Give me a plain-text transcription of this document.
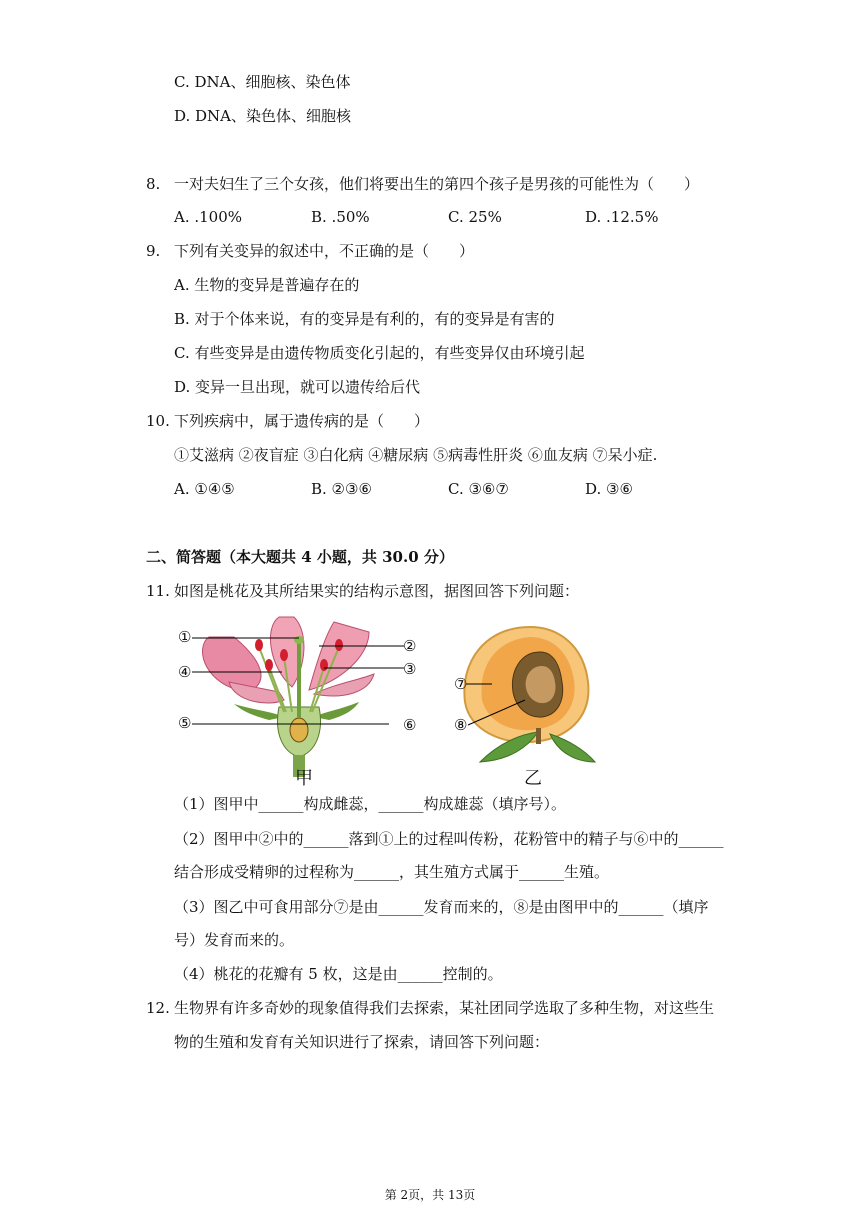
C. DNA、细胞核、染色体
D. DNA、染色体、细胞核
8. 一对夫妇生了三个女孩，他们将要出生的第四个孩子是男孩的可能性为（　　）
A. .100%	B. .50%	C. 25%	D. .12.5%
9. 下列有关变异的叙述中，不正确的是（　　）
A. 生物的变异是普遍存在的
B. 对于个体来说，有的变异是有利的，有的变异是有害的
C. 有些变异是由遗传物质变化引起的，有些变异仅由环境引起
D. 变异一旦出现，就可以遗传给后代
10. 下列疾病中，属于遗传病的是（　　）
①艾滋病 ②夜盲症 ③白化病 ④糖尿病 ⑤病毒性肝炎 ⑥血友病 ⑦呆小症.
A. ①④⑤	B. ②③⑥	C. ③⑥⑦	D. ③⑥
二、简答题（本大题共 4 小题，共 30.0 分）
11. 如图是桃花及其所结果实的结构示意图，据图回答下列问题：
①	②
③
④
⑤	⑥
甲
⑦
⑧
乙
（1）图甲中______构成雌蕊，______构成雄蕊（填序号）。
（2）图甲中②中的______落到①上的过程叫传粉，花粉管中的精子与⑥中的______
结合形成受精卵的过程称为______，其生殖方式属于______生殖。
（3）图乙中可食用部分⑦是由______发育而来的，⑧是由图甲中的______（填序
号）发育而来的。
（4）桃花的花瓣有 5 枚，这是由______控制的。
12. 生物界有许多奇妙的现象值得我们去探索，某社团同学选取了多种生物，对这些生
物的生殖和发育有关知识进行了探索，请回答下列问题：
第 2页，共 13页
